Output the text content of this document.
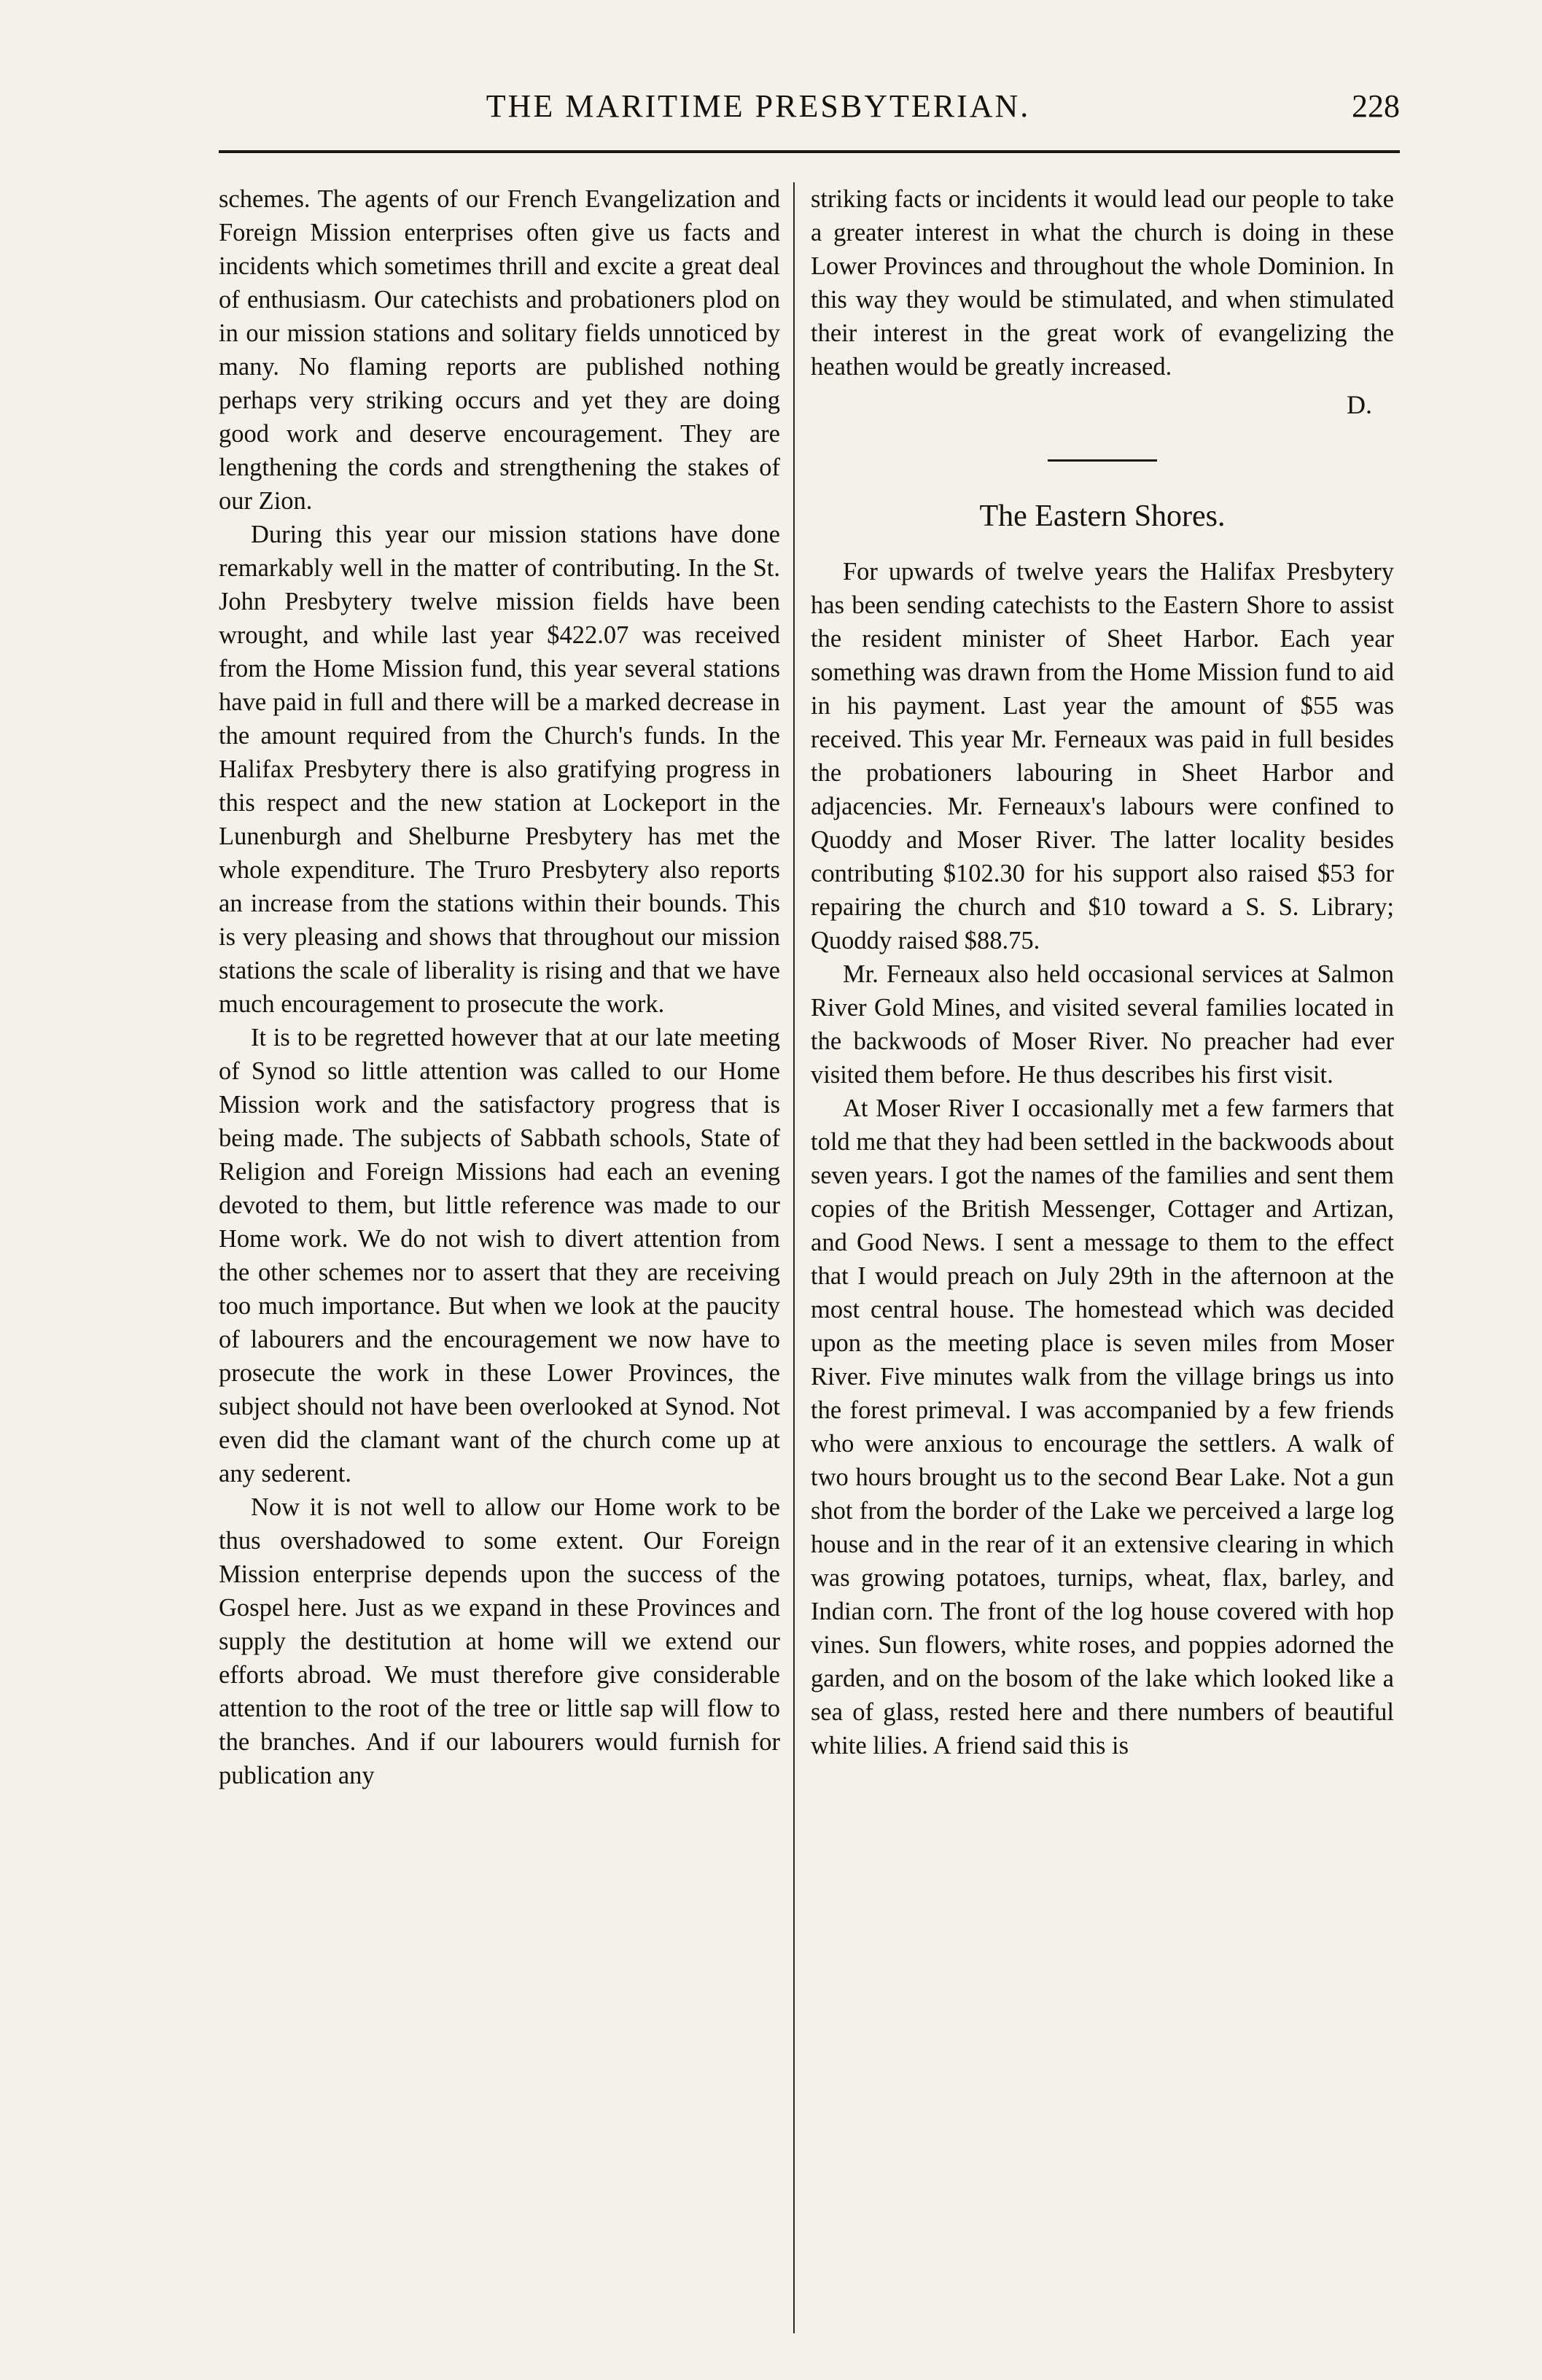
THE MARITIME PRESBYTERIAN.	228

schemes. The agents of our French Evangelization and Foreign Mission enterprises often give us facts and incidents which sometimes thrill and excite a great deal of enthusiasm. Our catechists and probationers plod on in our mission stations and solitary fields unnoticed by many. No flaming reports are published nothing perhaps very striking occurs and yet they are doing good work and deserve encouragement. They are lengthening the cords and strengthening the stakes of our Zion.

During this year our mission stations have done remarkably well in the matter of contributing. In the St. John Presbytery twelve mission fields have been wrought, and while last year $422.07 was received from the Home Mission fund, this year several stations have paid in full and there will be a marked decrease in the amount required from the Church's funds. In the Halifax Presbytery there is also gratifying progress in this respect and the new station at Lockeport in the Lunenburgh and Shelburne Presbytery has met the whole expenditure. The Truro Presbytery also reports an increase from the stations within their bounds. This is very pleasing and shows that throughout our mission stations the scale of liberality is rising and that we have much encouragement to prosecute the work.

It is to be regretted however that at our late meeting of Synod so little attention was called to our Home Mission work and the satisfactory progress that is being made. The subjects of Sabbath schools, State of Religion and Foreign Missions had each an evening devoted to them, but little reference was made to our Home work. We do not wish to divert attention from the other schemes nor to assert that they are receiving too much importance. But when we look at the paucity of labourers and the encouragement we now have to prosecute the work in these Lower Provinces, the subject should not have been overlooked at Synod. Not even did the clamant want of the church come up at any sederent.

Now it is not well to allow our Home work to be thus overshadowed to some extent. Our Foreign Mission enterprise depends upon the success of the Gospel here. Just as we expand in these Provinces and supply the destitution at home will we extend our efforts abroad. We must therefore give considerable attention to the root of the tree or little sap will flow to the branches. And if our labourers would furnish for publication any

striking facts or incidents it would lead our people to take a greater interest in what the church is doing in these Lower Provinces and throughout the whole Dominion. In this way they would be stimulated, and when stimulated their interest in the great work of evangelizing the heathen would be greatly increased.

D.
The Eastern Shores.

For upwards of twelve years the Halifax Presbytery has been sending catechists to the Eastern Shore to assist the resident minister of Sheet Harbor. Each year something was drawn from the Home Mission fund to aid in his payment. Last year the amount of $55 was received. This year Mr. Ferneaux was paid in full besides the probationers labouring in Sheet Harbor and adjacencies. Mr. Ferneaux's labours were confined to Quoddy and Moser River. The latter locality besides contributing $102.30 for his support also raised $53 for repairing the church and $10 toward a S. S. Library; Quoddy raised $88.75.

Mr. Ferneaux also held occasional services at Salmon River Gold Mines, and visited several families located in the backwoods of Moser River. No preacher had ever visited them before. He thus describes his first visit.

At Moser River I occasionally met a few farmers that told me that they had been settled in the backwoods about seven years. I got the names of the families and sent them copies of the British Messenger, Cottager and Artizan, and Good News. I sent a message to them to the effect that I would preach on July 29th in the afternoon at the most central house. The homestead which was decided upon as the meeting place is seven miles from Moser River. Five minutes walk from the village brings us into the forest primeval. I was accompanied by a few friends who were anxious to encourage the settlers. A walk of two hours brought us to the second Bear Lake. Not a gun shot from the border of the Lake we perceived a large log house and in the rear of it an extensive clearing in which was growing potatoes, turnips, wheat, flax, barley, and Indian corn. The front of the log house covered with hop vines. Sun flowers, white roses, and poppies adorned the garden, and on the bosom of the lake which looked like a sea of glass, rested here and there numbers of beautiful white lilies. A friend said this is
